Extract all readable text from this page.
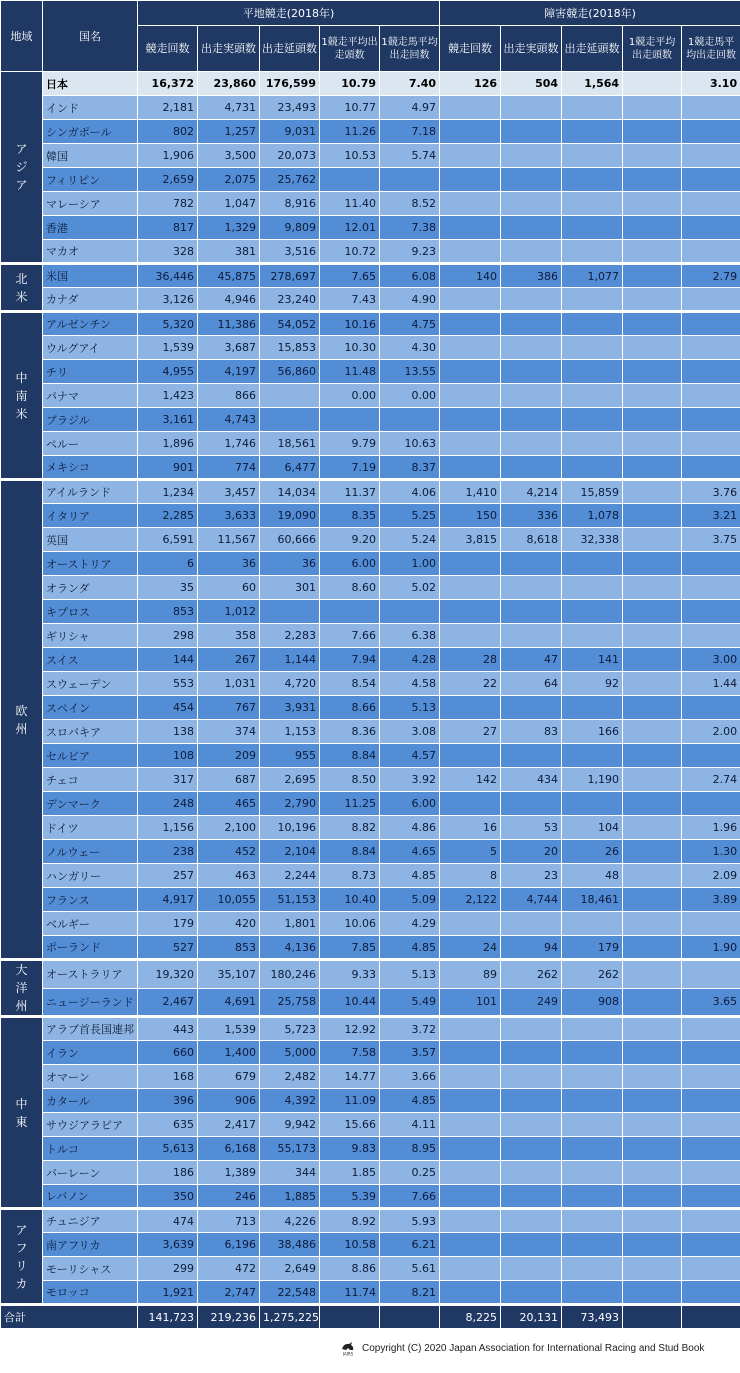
地域	国名	平地競走(2018年)					障害競走(2018年)				
		競走回数	出走実頭数	出走延頭数	1競走平均出走頭数	1競走馬平均出走回数	競走回数	出走実頭数	出走延頭数	1競走平均出走頭数	1競走馬平均出走回数

ア
ジ
ア	日本	16,372	23,860	176,599	10.79	7.40	126	504	1,564		3.10
	インド	2,181	4,731	23,493	10.77	4.97					
	シンガポール	802	1,257	9,031	11.26	7.18					
	韓国	1,906	3,500	20,073	10.53	5.74					
	フィリピン	2,659	2,075	25,762							
	マレーシア	782	1,047	8,916	11.40	8.52					
	香港	817	1,329	9,809	12.01	7.38					
	マカオ	328	381	3,516	10.72	9.23					

北
米	米国	36,446	45,875	278,697	7.65	6.08	140	386	1,077		2.79
	カナダ	3,126	4,946	23,240	7.43	4.90					

中
南
米	アルゼンチン	5,320	11,386	54,052	10.16	4.75					
	ウルグアイ	1,539	3,687	15,853	10.30	4.30					
	チリ	4,955	4,197	56,860	11.48	13.55					
	パナマ	1,423	866		0.00	0.00					
	ブラジル	3,161	4,743								
	ペルー	1,896	1,746	18,561	9.79	10.63					
	メキシコ	901	774	6,477	7.19	8.37					

欧
州	アイルランド	1,234	3,457	14,034	11.37	4.06	1,410	4,214	15,859		3.76
	イタリア	2,285	3,633	19,090	8.35	5.25	150	336	1,078		3.21
	英国	6,591	11,567	60,666	9.20	5.24	3,815	8,618	32,338		3.75
	オーストリア	6	36	36	6.00	1.00					
	オランダ	35	60	301	8.60	5.02					
	キプロス	853	1,012								
	ギリシャ	298	358	2,283	7.66	6.38					
	スイス	144	267	1,144	7.94	4.28	28	47	141		3.00
	スウェーデン	553	1,031	4,720	8.54	4.58	22	64	92		1.44
	スペイン	454	767	3,931	8.66	5.13					
	スロバキア	138	374	1,153	8.36	3.08	27	83	166		2.00
	セルビア	108	209	955	8.84	4.57					
	チェコ	317	687	2,695	8.50	3.92	142	434	1,190		2.74
	デンマーク	248	465	2,790	11.25	6.00					
	ドイツ	1,156	2,100	10,196	8.82	4.86	16	53	104		1.96
	ノルウェー	238	452	2,104	8.84	4.65	5	20	26		1.30
	ハンガリー	257	463	2,244	8.73	4.85	8	23	48		2.09
	フランス	4,917	10,055	51,153	10.40	5.09	2,122	4,744	18,461		3.89
	ベルギー	179	420	1,801	10.06	4.29					
	ポーランド	527	853	4,136	7.85	4.85	24	94	179		1.90

大
洋
州	オーストラリア	19,320	35,107	180,246	9.33	5.13	89	262	262		
	ニュージーランド	2,467	4,691	25,758	10.44	5.49	101	249	908		3.65

中
東	アラブ首長国連邦	443	1,539	5,723	12.92	3.72					
	イラン	660	1,400	5,000	7.58	3.57					
	オマーン	168	679	2,482	14.77	3.66					
	カタール	396	906	4,392	11.09	4.85					
	サウジアラビア	635	2,417	9,942	15.66	4.11					
	トルコ	5,613	6,168	55,173	9.83	8.95					
	バーレーン	186	1,389	344	1.85	0.25					
	レバノン	350	246	1,885	5.39	7.66					

ア
フ
リ
カ	チュニジア	474	713	4,226	8.92	5.93					
	南アフリカ	3,639	6,196	38,486	10.58	6.21					
	モーリシャス	299	472	2,649	8.86	5.61					
	モロッコ	1,921	2,747	22,548	11.74	8.21					
合計		141,723	219,236	1,275,225			8,225	20,131	73,493		
JAIRS
Copyright (C) 2020 Japan Association for International Racing and Stud Book
